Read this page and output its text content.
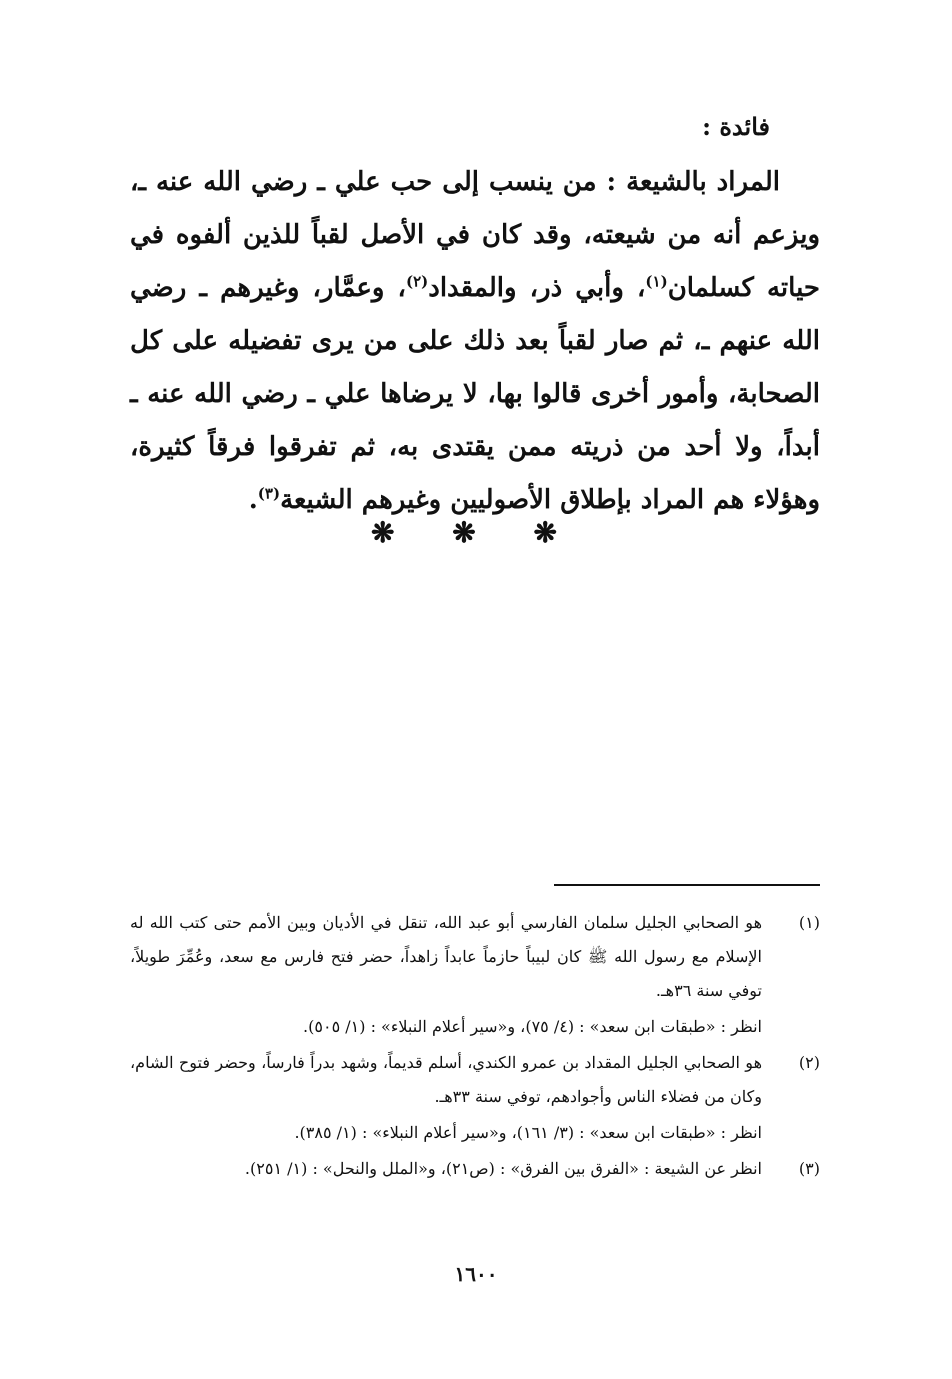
فائدة :
المراد بالشيعة : من ينسب إلى حب علي ـ رضي الله عنه ـ، ويزعم أنه من شيعته، وقد كان في الأصل لقباً للذين ألفوه في حياته كسلمان$^{(١)}$، وأبي ذر، والمقداد$^{(٢)}$، وعمَّار، وغيرهم ـ رضي الله عنهم ـ، ثم صار لقباً بعد ذلك على من يرى تفضيله على كل الصحابة، وأمور أخرى قالوا بها، لا يرضاها علي ـ رضي الله عنه ـ أبداً، ولا أحد من ذريته ممن يقتدى به، ثم تفرقوا فرقاً كثيرة، وهؤلاء هم المراد بإطلاق الأصوليين وغيرهم الشيعة$^{(٣)}$.
❋ ❋ ❋
(١)
هو الصحابي الجليل سلمان الفارسي أبو عبد الله، تنقل في الأديان وبين الأمم حتى كتب الله له الإسلام مع رسول الله ﷺ كان لبيباً حازماً عابداً زاهداً، حضر فتح فارس مع سعد، وعُمِّرَ طويلاً، توفي سنة ٣٦هـ.
انظر : «طبقات ابن سعد» : (٤/ ٧٥)، و«سير أعلام النبلاء» : (١/ ٥٠٥).
(٢)
هو الصحابي الجليل المقداد بن عمرو الكندي، أسلم قديماً، وشهد بدراً فارساً، وحضر فتوح الشام، وكان من فضلاء الناس وأجوادهم، توفي سنة ٣٣هـ.
انظر : «طبقات ابن سعد» : (٣/ ١٦١)، و«سير أعلام النبلاء» : (١/ ٣٨٥).
(٣)
انظر عن الشيعة : «الفرق بين الفرق» : (ص٢١)، و«الملل والنحل» : (١/ ٢٥١).
١٦٠٠
